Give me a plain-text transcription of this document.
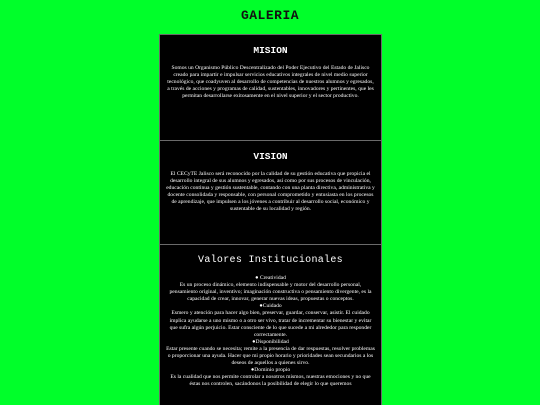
GALERIA
MISION

Somos un Organismo Público Descentralizado del Poder Ejecutivo del Estado de Jalisco creado para impartir e impulsar servicios educativos integrales de nivel medio superior tecnológico, que coadyuven al desarrollo de competencias de nuestros alumnos y egresados, a través de acciones y programas de calidad, sustentables, innovadores y pertinentes, que les permitan desarrollarse exitosamente en el nivel superior y el sector productivo.

VISION

El CECyTE Jalisco será reconocido por la calidad de su gestión educativa que propicia el desarrollo integral de sus alumnos y egresados, así como por sus procesos de vinculación, educación continua y gestión sustentable, contando con una planta directiva, administrativa y docente consolidada y responsable, con personal comprometido y entusiasta en los procesos de aprendizaje, que impulsen a los jóvenes a contribuir al desarrollo social, económico y sustentable de su localidad y región.

Valores Institucionales

● Creatividad

Es un proceso dinámico, elemento indispensable y motor del desarrollo personal, pensamiento original, inventivo; imaginación constructiva o pensamiento divergente, es la capacidad de crear, innovar, generar nuevas ideas, propuestas o conceptos.

●Cuidado

Esmero y atención para hacer algo bien, preservar, guardar, conservar, asistir. El cuidado implica ayudarse a uno mismo o a otro ser vivo, tratar de incrementar su bienestar y evitar que sufra algún perjuicio. Estar consciente de lo que sucede a mi alrededor para responder correctamente.

●Disponibilidad

Estar presente cuando se necesita; remite a la presencia de dar respuestas, resolver problemas o proporcionar una ayuda. Hacer que mi propio horario y prioridades sean secundarios a los deseos de aquellos a quienes sirvo.

●Dominio propio

Es la cualidad que nos permite controlar a nosotros mismos, nuestras emociones y no que éstas nos controlen, sacándonos la posibilidad de elegir lo que queremos
